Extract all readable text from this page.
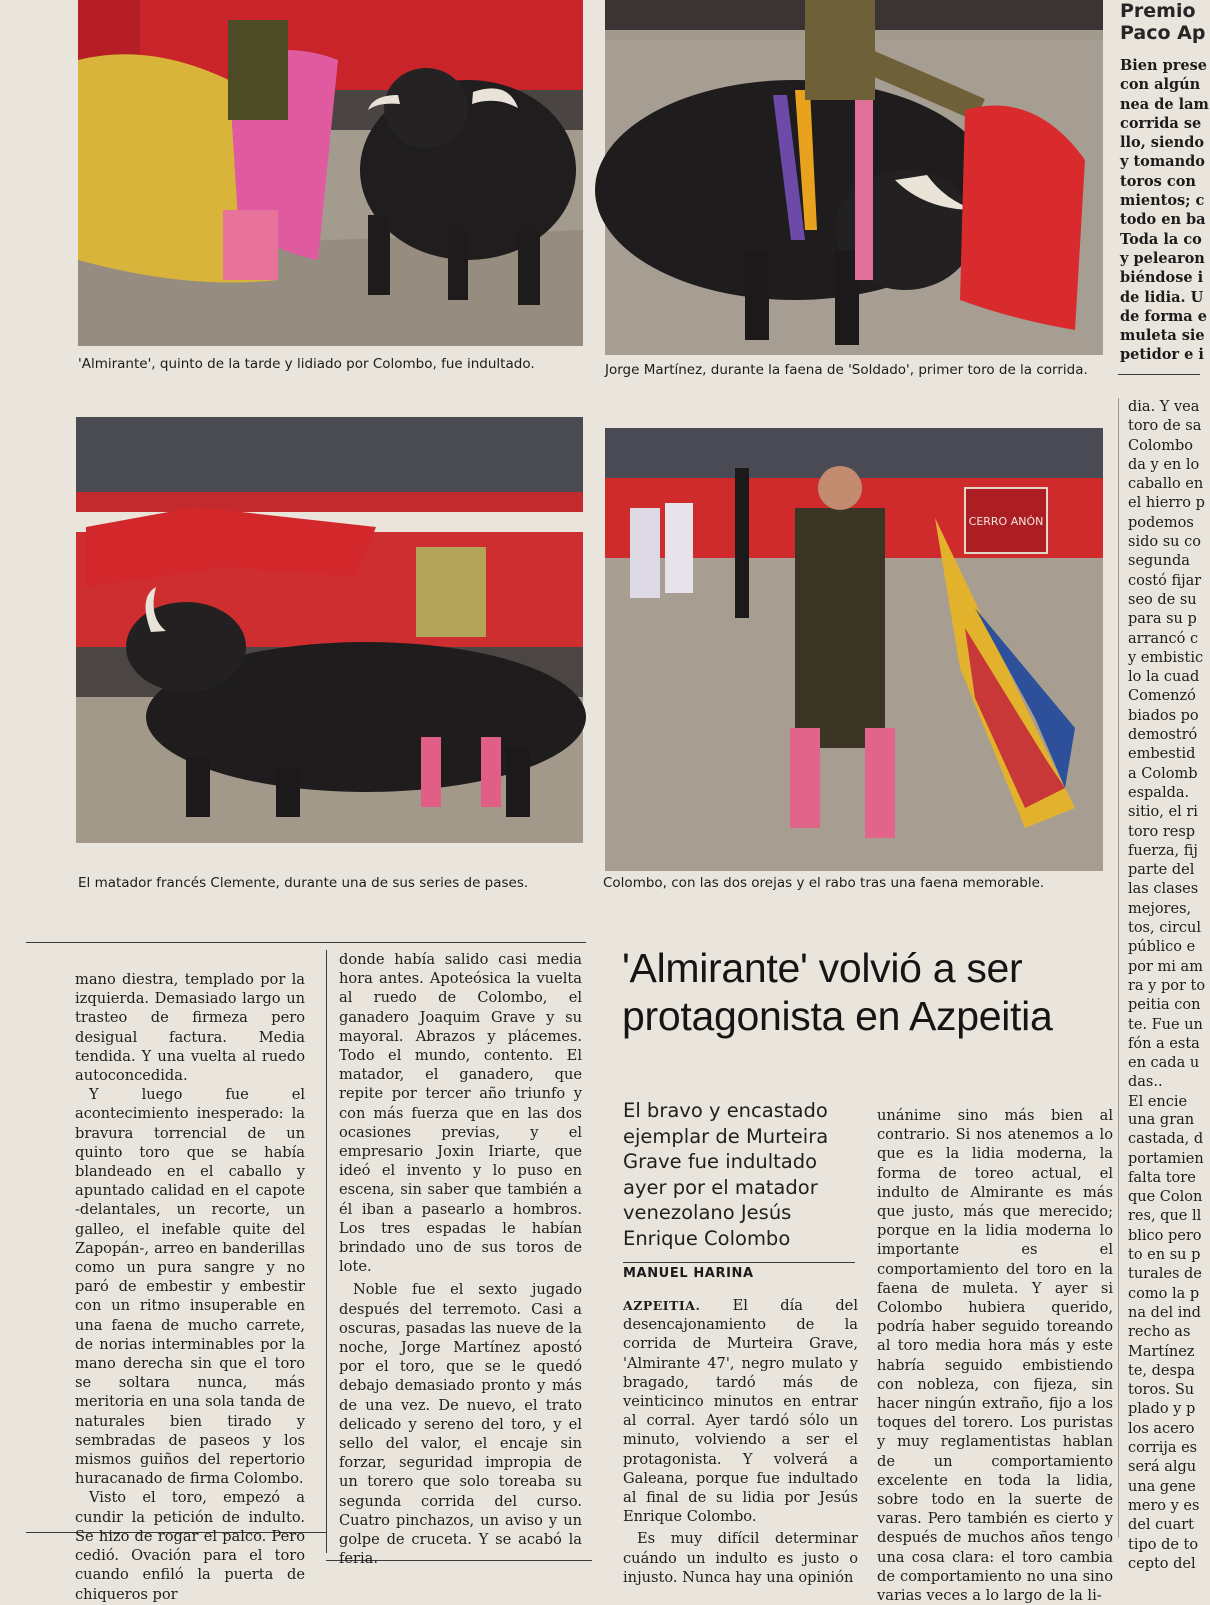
'Almirante', quinto de la tarde y lidiado por Colombo, fue indultado.	Jorge Martínez, durante la faena de 'Soldado', primer toro de la corrida.
El matador francés Clemente, durante una de sus series de pases.
CERRO ANÓN
Colombo, con las dos orejas y el rabo tras una faena memorable.

mano diestra, templado por la izquierda. Demasiado largo un trasteo de firmeza pero desigual factura. Media tendida. Y una vuelta al ruedo autoconcedida.

Y luego fue el acontecimiento inesperado: la bravura torrencial de un quinto toro que se había blandeado en el caballo y apuntado calidad en el capote -delantales, un recorte, un galleo, el inefable quite del Zapopán-, arreo en banderillas como un pura sangre y no paró de embestir y embestir con un ritmo insuperable en una faena de mucho carrete, de norias interminables por la mano derecha sin que el toro se soltara nunca, más meritoria en una sola tanda de naturales bien tirado y sembradas de paseos y los mismos guiños del repertorio huracanado de firma Colombo.

Visto el toro, empezó a cundir la petición de indulto. Se hizo de rogar el palco. Pero cedió. Ovación para el toro cuando enfiló la puerta de chiqueros por

donde había salido casi media hora antes. Apoteósica la vuelta al ruedo de Colombo, el ganadero Joaquim Grave y su mayoral. Abrazos y plácemes. Todo el mundo, contento. El matador, el ganadero, que repite por tercer año triunfo y con más fuerza que en las dos ocasiones previas, y el empresario Joxin Iriarte, que ideó el invento y lo puso en escena, sin saber que también a él iban a pasearlo a hombros. Los tres espadas le habían brindado uno de sus toros de lote.

Noble fue el sexto jugado después del terremoto. Casi a oscuras, pasadas las nueve de la noche, Jorge Martínez apostó por el toro, que se le quedó debajo demasiado pronto y más de una vez. De nuevo, el trato delicado y sereno del toro, y el sello del valor, el encaje sin forzar, seguridad impropia de un torero que solo toreaba su segunda corrida del curso. Cuatro pinchazos, un aviso y un golpe de cruceta. Y se acabó la feria.

'Almirante' volvió a ser protagonista en Azpeitia
El bravo y encastado ejemplar de Murteira Grave fue indultado ayer por el matador venezolano Jesús Enrique Colombo
MANUEL HARINA

AZPEITIA. El día del desencajonamiento de la corrida de Murteira Grave, 'Almirante 47', negro mulato y bragado, tardó más de veinticinco minutos en entrar al corral. Ayer tardó sólo un minuto, volviendo a ser el protagonista. Y volverá a Galeana, porque fue indultado al final de su lidia por Jesús Enrique Colombo.

Es muy difícil determinar cuándo un indulto es justo o injusto. Nunca hay una opinión

unánime sino más bien al contrario. Si nos atenemos a lo que es la lidia moderna, la forma de toreo actual, el indulto de Almirante es más que justo, más que merecido; porque en la lidia moderna lo importante es el comportamiento del toro en la faena de muleta. Y ayer si Colombo hubiera querido, podría haber seguido toreando al toro media hora más y este habría seguido embistiendo con nobleza, con fijeza, sin hacer ningún extraño, fijo a los toques del torero. Los puristas y muy reglamentistas hablan de un comportamiento excelente en toda la lidia, sobre todo en la suerte de varas. Pero también es cierto y después de muchos años tengo una cosa clara: el toro cambia de comportamiento no una sino varias veces a lo largo de la li-

Premio
Paco Ap
Bien prese
con algún
nea de lam
corrida se
llo, siendo
y tomando
toros con
mientos; c
todo en ba
Toda la co
y pelearon
biéndose i
de lidia. U
de forma e
muleta sie
petidor e i
dia. Y vea
toro de sa
Colombo
da y en lo
caballo en
el hierro p
podemos
sido su co
segunda
costó fijar
seo de su
para su p
arrancó c
y embistic
lo la cuad
Comenzó
biados po
demostró
embestid
a Colomb
espalda.
sitio, el ri
toro resp
fuerza, fij
parte del
las clases
mejores,
tos, circul
público e
por mi am
ra y por to
peitia con
te. Fue un
fón a esta
en cada u
das..
El encie
una gran
castada, d
portamien
falta tore
que Colon
res, que ll
blico pero
to en su p
turales de
como la p
na del ind
recho as
Martínez
te, despa
toros. Su
plado y p
los acero
corrija es
será algu
una gene
mero y es
del cuart
tipo de to
cepto del
